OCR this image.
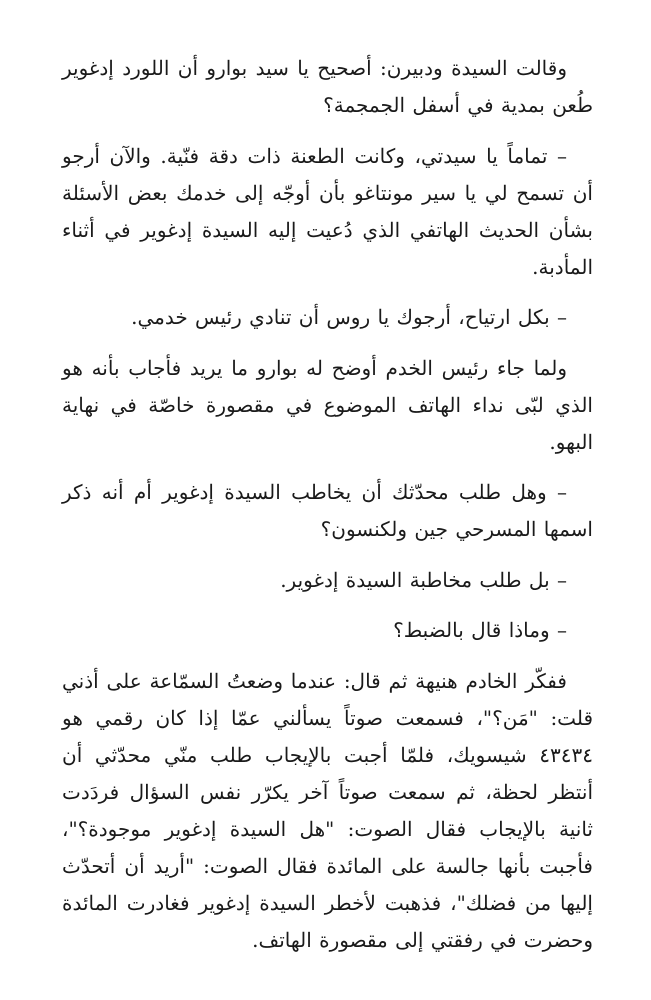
وقالت السيدة ودبيرن: أصحيح يا سيد بوارو أن اللورد إدغوير طُعن بمدية في أسفل الجمجمة؟

– تماماً يا سيدتي، وكانت الطعنة ذات دقة فنّية. والآن أرجو أن تسمح لي يا سير مونتاغو بأن أوجّه إلى خدمك بعض الأسئلة بشأن الحديث الهاتفي الذي دُعيت إليه السيدة إدغوير في أثناء المأدبة.

– بكل ارتياح، أرجوك يا روس أن تنادي رئيس خدمي.

ولما جاء رئيس الخدم أوضح له بوارو ما يريد فأجاب بأنه هو الذي لبّى نداء الهاتف الموضوع في مقصورة خاصّة في نهاية البهو.

– وهل طلب محدّثك أن يخاطب السيدة إدغوير أم أنه ذكر اسمها المسرحي جين ولكنسون؟

– بل طلب مخاطبة السيدة إدغوير.

– وماذا قال بالضبط؟

ففكّر الخادم هنيهة ثم قال: عندما وضعتُ السمّاعة على أذني قلت: "مَن؟"، فسمعت صوتاً يسألني عمّا إذا كان رقمي هو ٤٣٤٣٤ شيسويك، فلمّا أجبت بالإيجاب طلب منّي محدّثي أن أنتظر لحظة، ثم سمعت صوتاً آخر يكرّر نفس السؤال فردَدت ثانية بالإيجاب فقال الصوت: "هل السيدة إدغوير موجودة؟"، فأجبت بأنها جالسة على المائدة فقال الصوت: "أريد أن أتحدّث إليها من فضلك"، فذهبت لأخطر السيدة إدغوير فغادرت المائدة وحضرت في رفقتي إلى مقصورة الهاتف.
